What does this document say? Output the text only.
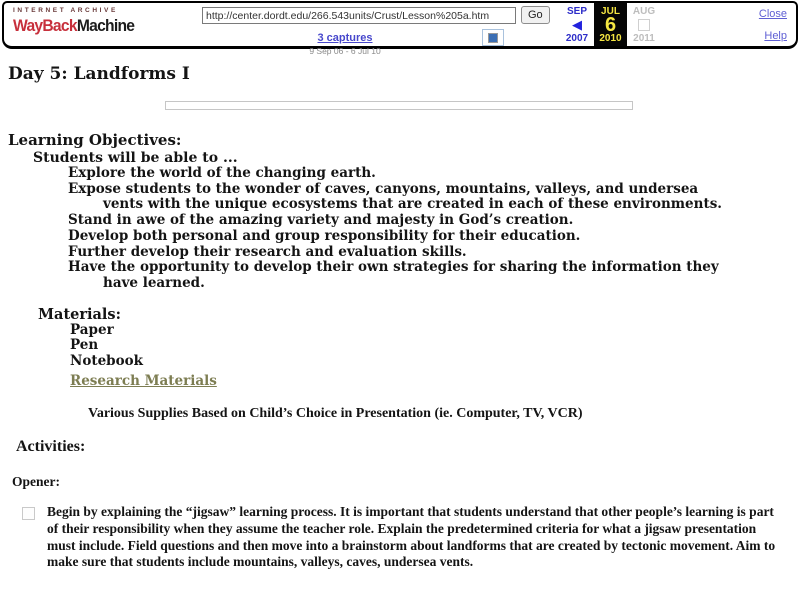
INTERNET ARCHIVE
WayBackMachine
http://center.dordt.edu/266.543units/Crust/Lesson%205a.htm
Go
3 captures
9 Sep 06 - 6 Jul 10
SEP
◀
2007
JUL
6
2010
AUG
2011
Close
Help
Day 5: Landforms I
Learning Objectives:
Students will be able to ...
Explore the world of the changing earth.
Expose students to the wonder of caves, canyons, mountains, valleys, and undersea
vents with the unique ecosystems that are created in each of these environments.
Stand in awe of the amazing variety and majesty in God’s creation.
Develop both personal and group responsibility for their education.
Further develop their research and evaluation skills.
Have the opportunity to develop their own strategies for sharing the information they
have learned.
Materials:
Paper
Pen
Notebook
Research Materials
Various Supplies Based on Child’s Choice in Presentation (ie. Computer, TV, VCR)
Activities:
Opener:
Begin by explaining the “jigsaw” learning process. It is important that students understand that other people’s learning is part of their responsibility when they assume the teacher role. Explain the predetermined criteria for what a jigsaw presentation must include. Field questions and then move into a brainstorm about landforms that are created by tectonic movement. Aim to make sure that students include mountains, valleys, caves, undersea vents.
